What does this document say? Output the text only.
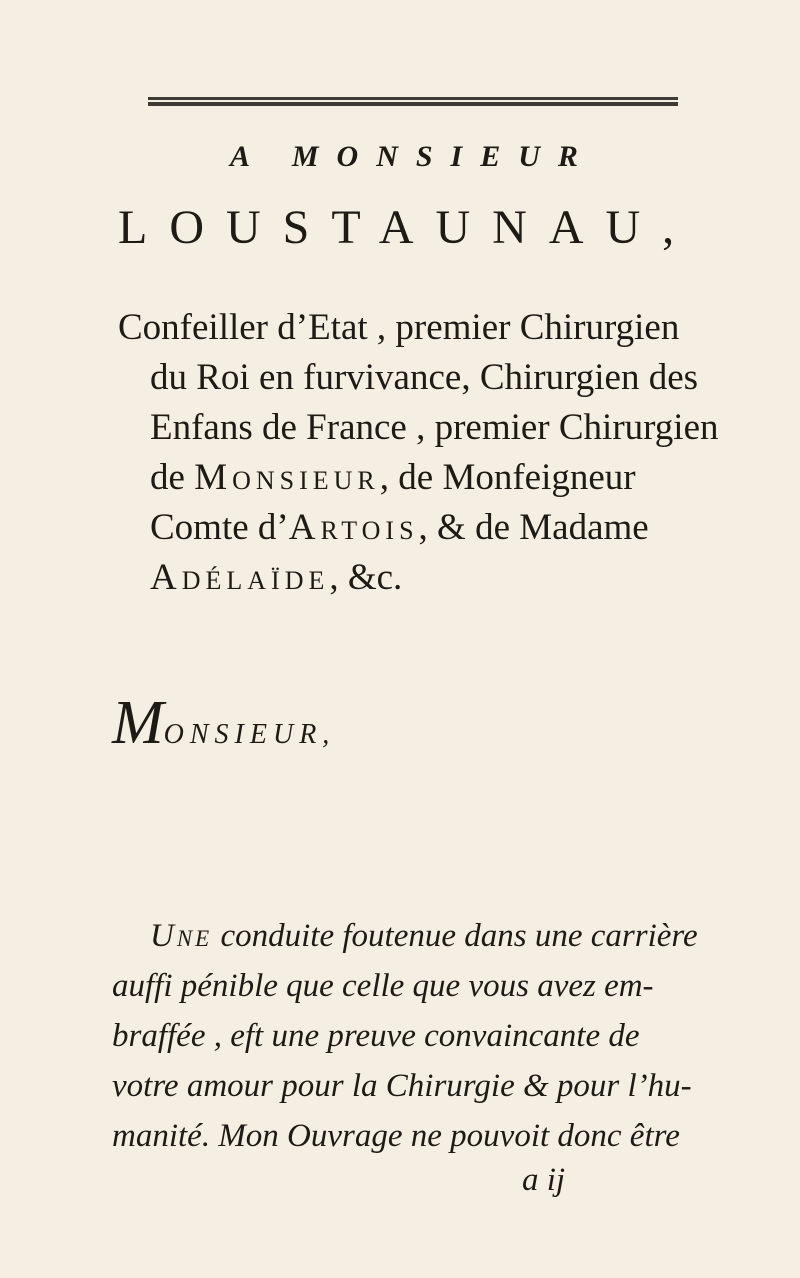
A MONSIEUR
LOUSTAUNAU,
Confeiller d’Etat , premier Chirurgien
du Roi en furvivance, Chirurgien des
Enfans de France , premier Chirurgien
de Monsieur, de Monfeigneur
Comte d’Artois, & de Madame
Adélaïde, &c.
MONSIEUR,
Une conduite foutenue dans une carrière
auffi pénible que celle que vous avez em-
braffée , eft une preuve convaincante de
votre amour pour la Chirurgie & pour l’hu-
manité. Mon Ouvrage ne pouvoit donc être
a ij
